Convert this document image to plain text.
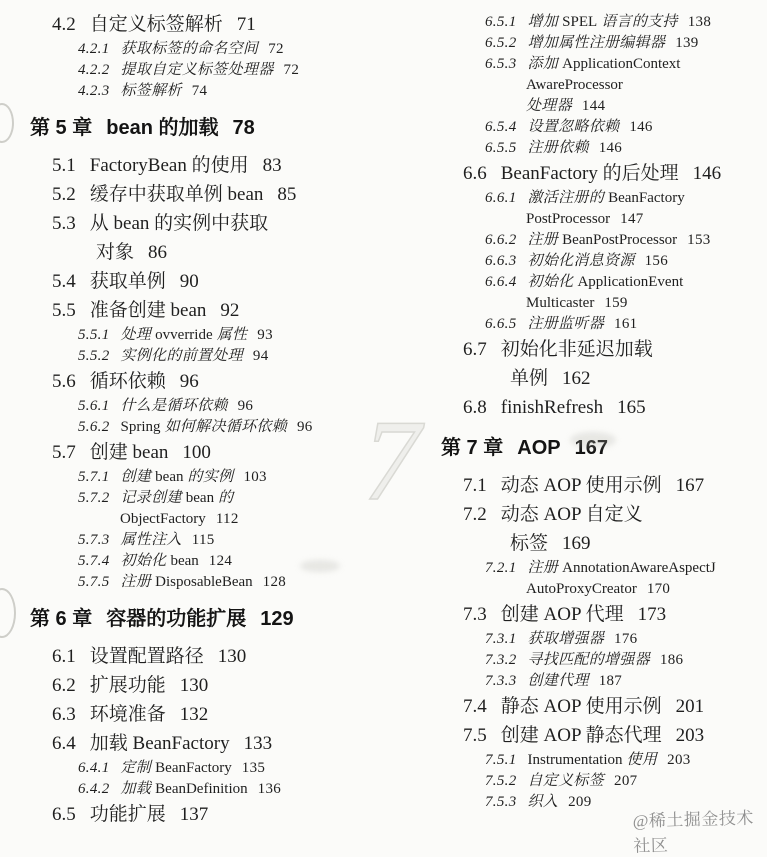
7
4.2 自定义标签解析 71
4.2.1 获取标签的命名空间 72
4.2.2 提取自定义标签处理器 72
4.2.3 标签解析 74
第 5 章 bean 的加载 78
5.1 FactoryBean 的使用 83
5.2 缓存中获取单例 bean 85
5.3 从 bean 的实例中获取
对象 86
5.4 获取单例 90
5.5 准备创建 bean 92
5.5.1 处理 ovverride 属性 93
5.5.2 实例化的前置处理 94
5.6 循环依赖 96
5.6.1 什么是循环依赖 96
5.6.2 Spring 如何解决循环依赖 96
5.7 创建 bean 100
5.7.1 创建 bean 的实例 103
5.7.2 记录创建 bean 的
ObjectFactory 112
5.7.3 属性注入 115
5.7.4 初始化 bean 124
5.7.5 注册 DisposableBean 128
第 6 章 容器的功能扩展 129
6.1 设置配置路径 130
6.2 扩展功能 130
6.3 环境准备 132
6.4 加载 BeanFactory 133
6.4.1 定制 BeanFactory 135
6.4.2 加载 BeanDefinition 136
6.5 功能扩展 137
6.5.1 增加 SPEL 语言的支持 138
6.5.2 增加属性注册编辑器 139
6.5.3 添加 ApplicationContext
AwareProcessor
处理器 144
6.5.4 设置忽略依赖 146
6.5.5 注册依赖 146
6.6 BeanFactory 的后处理 146
6.6.1 激活注册的 BeanFactory
PostProcessor 147
6.6.2 注册 BeanPostProcessor 153
6.6.3 初始化消息资源 156
6.6.4 初始化 ApplicationEvent
Multicaster 159
6.6.5 注册监听器 161
6.7 初始化非延迟加载
单例 162
6.8 finishRefresh 165
第 7 章 AOP 167
7.1 动态 AOP 使用示例 167
7.2 动态 AOP 自定义
标签 169
7.2.1 注册 AnnotationAwareAspectJ
AutoProxyCreator 170
7.3 创建 AOP 代理 173
7.3.1 获取增强器 176
7.3.2 寻找匹配的增强器 186
7.3.3 创建代理 187
7.4 静态 AOP 使用示例 201
7.5 创建 AOP 静态代理 203
7.5.1 Instrumentation 使用 203
7.5.2 自定义标签 207
7.5.3 织入 209
@稀土掘金技术社区
